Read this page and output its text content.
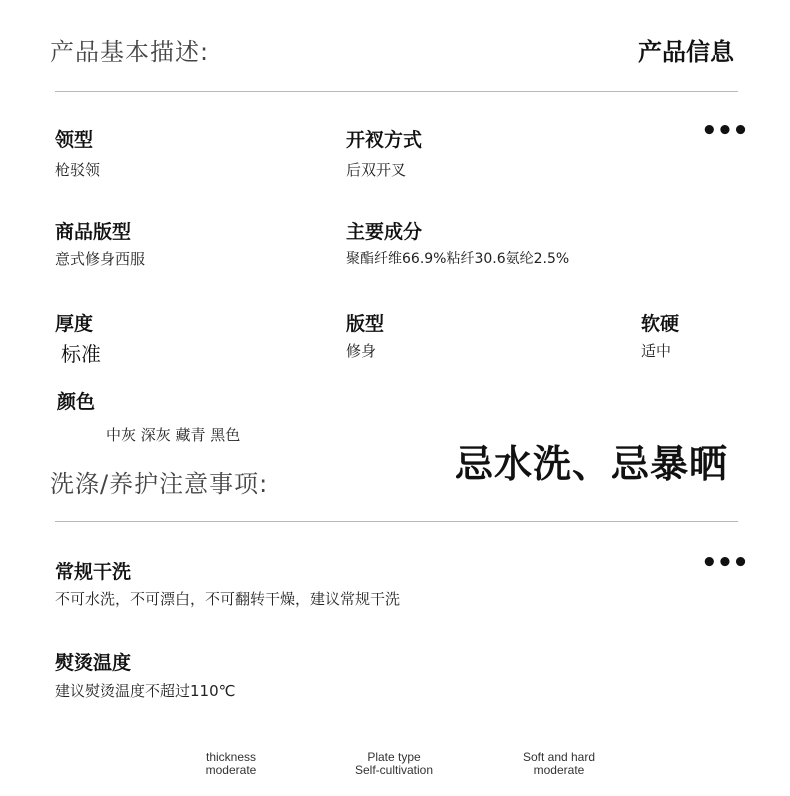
产品基本描述:	产品信息
领型
枪驳领
开衩方式
后双开叉
•••
商品版型
意式修身西服
主要成分
聚酯纤维66.9%粘纤30.6氨纶2.5%
厚度
标准
版型
修身
软硬
适中
颜色
中灰 深灰 藏青 黑色
忌水洗、忌暴晒
洗涤/养护注意事项:
常规干洗
不可水洗，不可漂白，不可翻转干燥，建议常规干洗
•••
熨烫温度
建议熨烫温度不超过110℃
thickness
moderate
Plate type
Self-cultivation
Soft and hard
moderate
